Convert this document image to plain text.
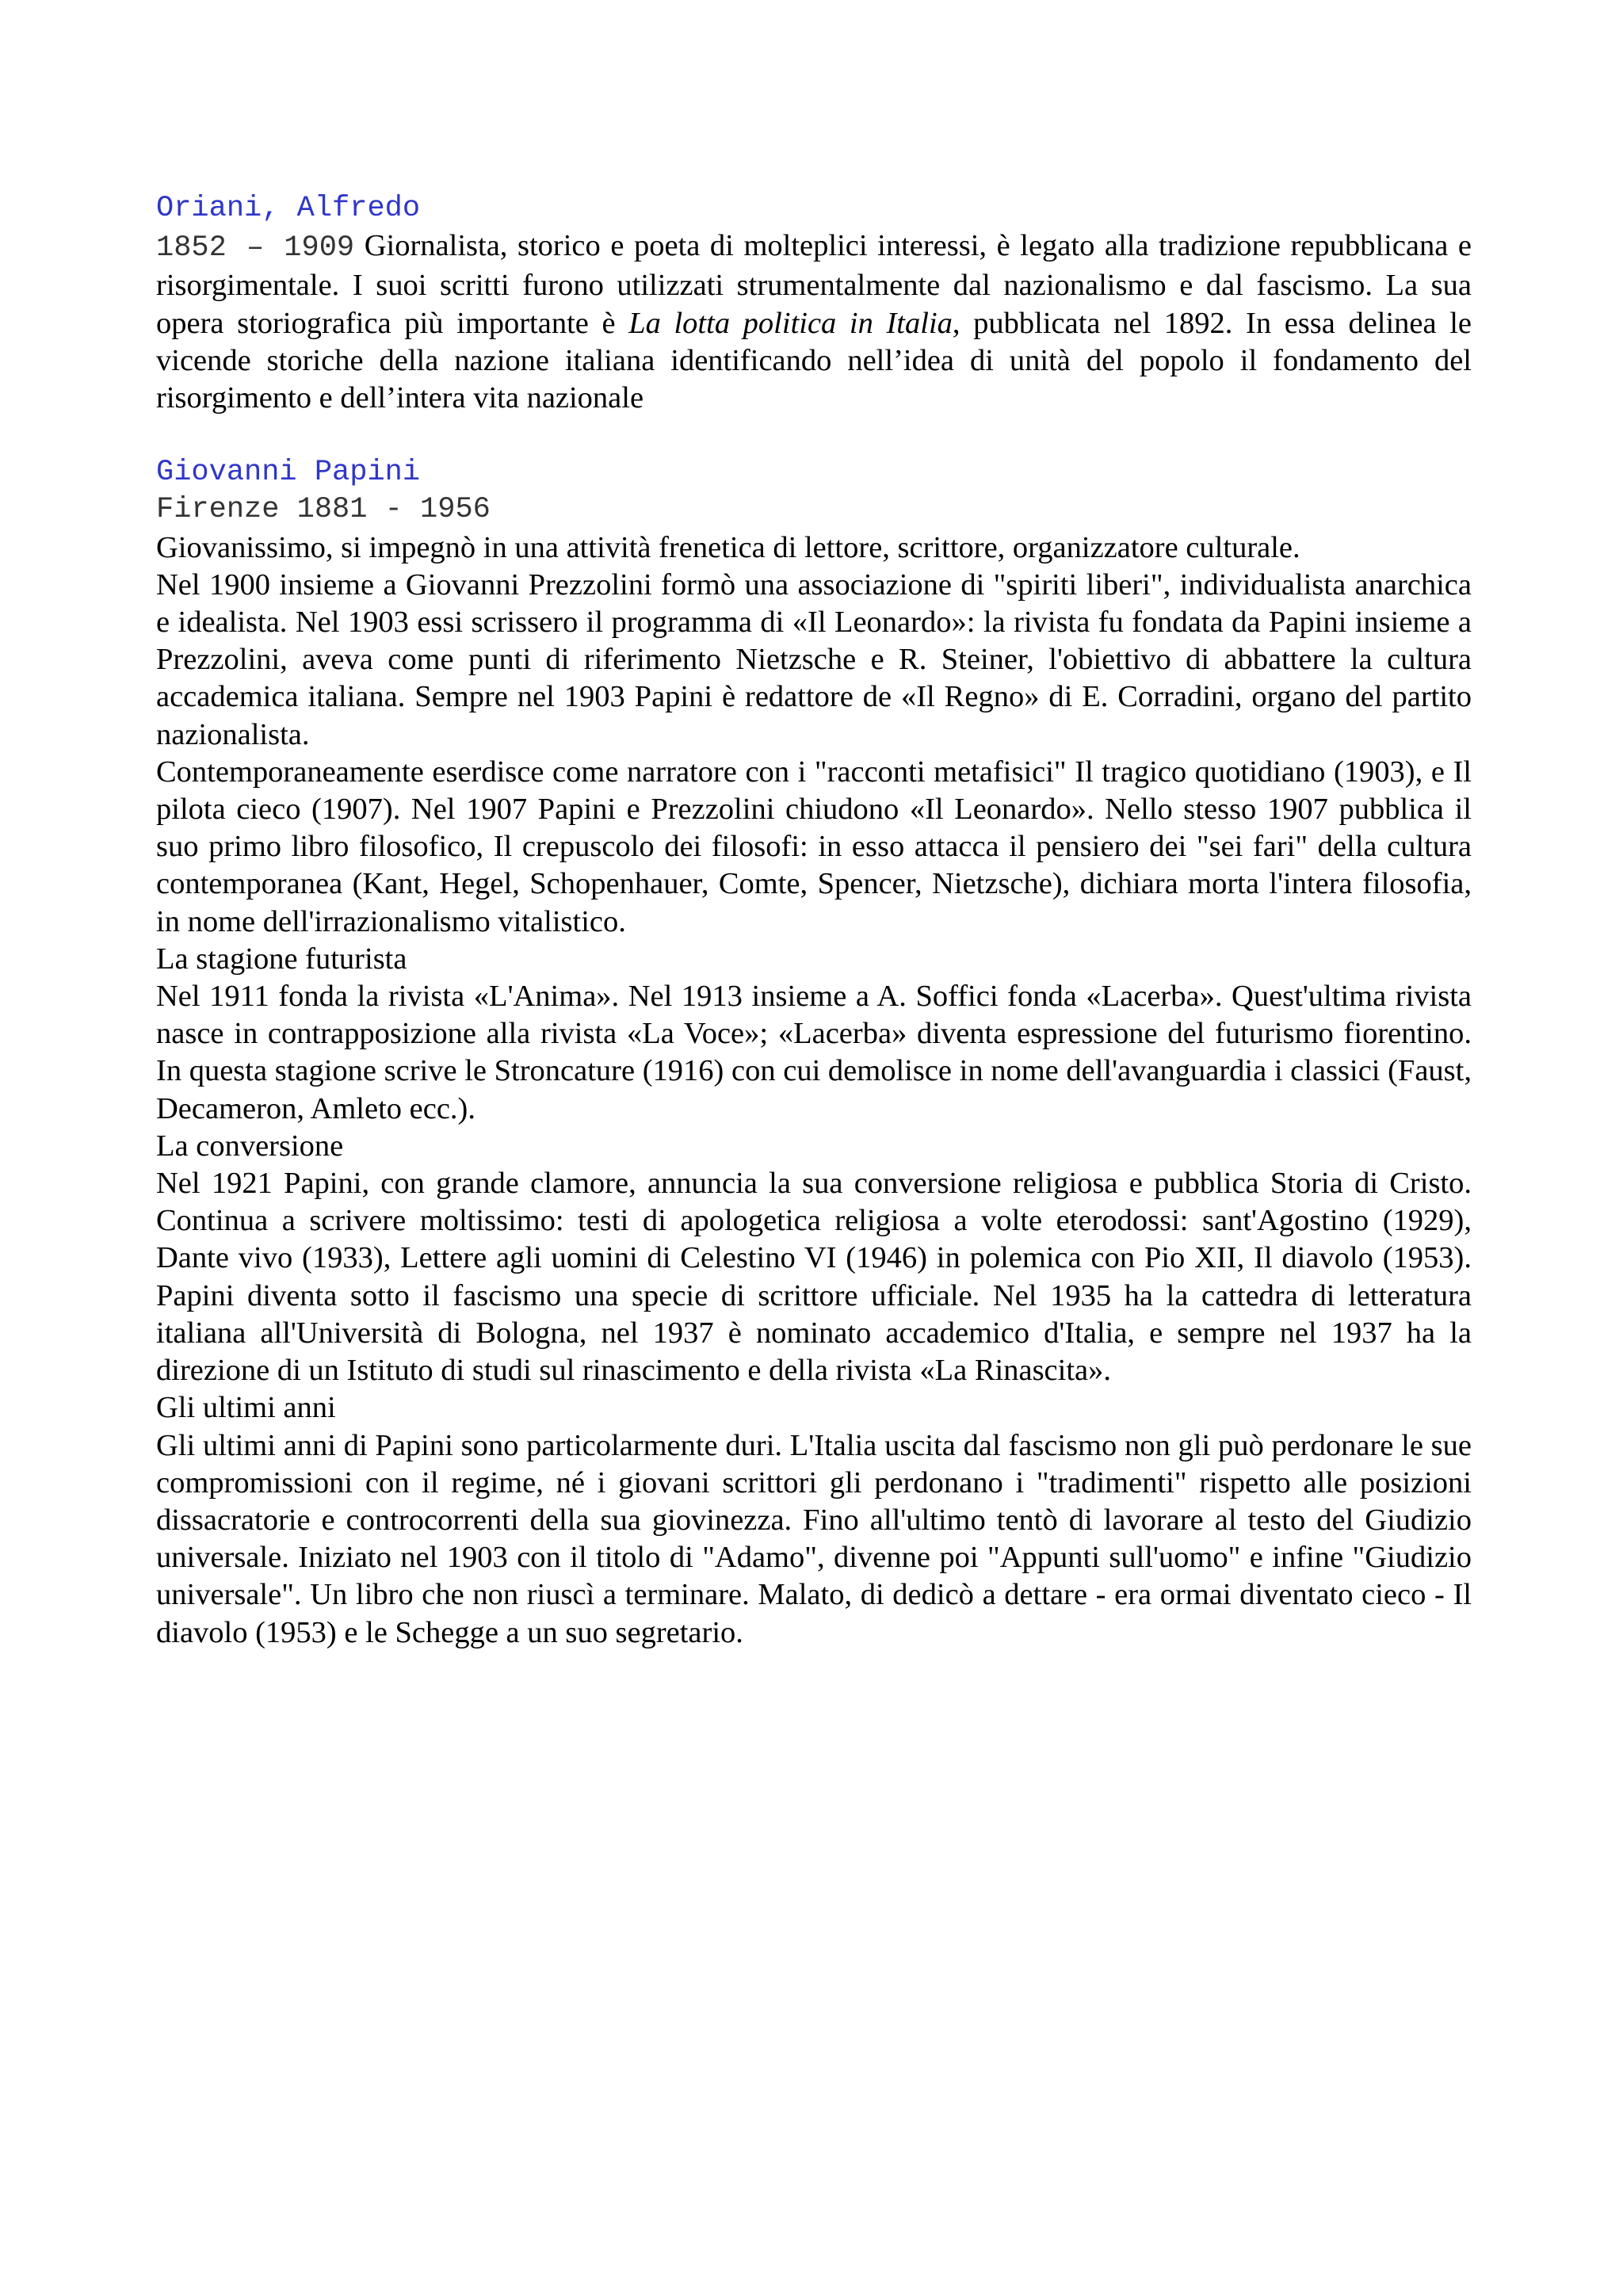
Oriani, Alfredo

1852 – 1909 Giornalista, storico e poeta di molteplici interessi, è legato alla tradizione repubblicana e risorgimentale. I suoi scritti furono utilizzati strumentalmente dal nazionalismo e dal fascismo. La sua opera storiografica più importante è La lotta politica in Italia, pubblicata nel 1892. In essa delinea le vicende storiche della nazione italiana identificando nell’idea di unità del popolo il fondamento del risorgimento e dell’intera vita nazionale

Giovanni Papini
Firenze 1881 - 1956

Giovanissimo, si impegnò in una attività frenetica di lettore, scrittore, organizzatore culturale.

Nel 1900 insieme a Giovanni Prezzolini formò una associazione di "spiriti liberi", individualista anarchica e idealista. Nel 1903 essi scrissero il programma di «Il Leonardo»: la rivista fu fondata da Papini insieme a Prezzolini, aveva come punti di riferimento Nietzsche e R. Steiner, l'obiettivo di abbattere la cultura accademica italiana. Sempre nel 1903 Papini è redattore de «Il Regno» di E. Corradini, organo del partito nazionalista.

Contemporaneamente eserdisce come narratore con i "racconti metafisici" Il tragico quotidiano (1903), e Il pilota cieco (1907). Nel 1907 Papini e Prezzolini chiudono «Il Leonardo». Nello stesso 1907 pubblica il suo primo libro filosofico, Il crepuscolo dei filosofi: in esso attacca il pensiero dei "sei fari" della cultura contemporanea (Kant, Hegel, Schopenhauer, Comte, Spencer, Nietzsche), dichiara morta l'intera filosofia, in nome dell'irrazionalismo vitalistico.

La stagione futurista

Nel 1911 fonda la rivista «L'Anima». Nel 1913 insieme a A. Soffici fonda «Lacerba». Quest'ultima rivista nasce in contrapposizione alla rivista «La Voce»; «Lacerba» diventa espressione del futurismo fiorentino. In questa stagione scrive le Stroncature (1916) con cui demolisce in nome dell'avanguardia i classici (Faust, Decameron, Amleto ecc.).

La conversione

Nel 1921 Papini, con grande clamore, annuncia la sua conversione religiosa e pubblica Storia di Cristo. Continua a scrivere moltissimo: testi di apologetica religiosa a volte eterodossi: sant'Agostino (1929), Dante vivo (1933), Lettere agli uomini di Celestino VI (1946) in polemica con Pio XII, Il diavolo (1953). Papini diventa sotto il fascismo una specie di scrittore ufficiale. Nel 1935 ha la cattedra di letteratura italiana all'Università di Bologna, nel 1937 è nominato accademico d'Italia, e sempre nel 1937 ha la direzione di un Istituto di studi sul rinascimento e della rivista «La Rinascita».

Gli ultimi anni

Gli ultimi anni di Papini sono particolarmente duri. L'Italia uscita dal fascismo non gli può perdonare le sue compromissioni con il regime, né i giovani scrittori gli perdonano i "tradimenti" rispetto alle posizioni dissacratorie e controcorrenti della sua giovinezza. Fino all'ultimo tentò di lavorare al testo del Giudizio universale. Iniziato nel 1903 con il titolo di "Adamo", divenne poi "Appunti sull'uomo" e infine "Giudizio universale". Un libro che non riuscì a terminare. Malato, di dedicò a dettare - era ormai diventato cieco - Il diavolo (1953) e le Schegge a un suo segretario.
